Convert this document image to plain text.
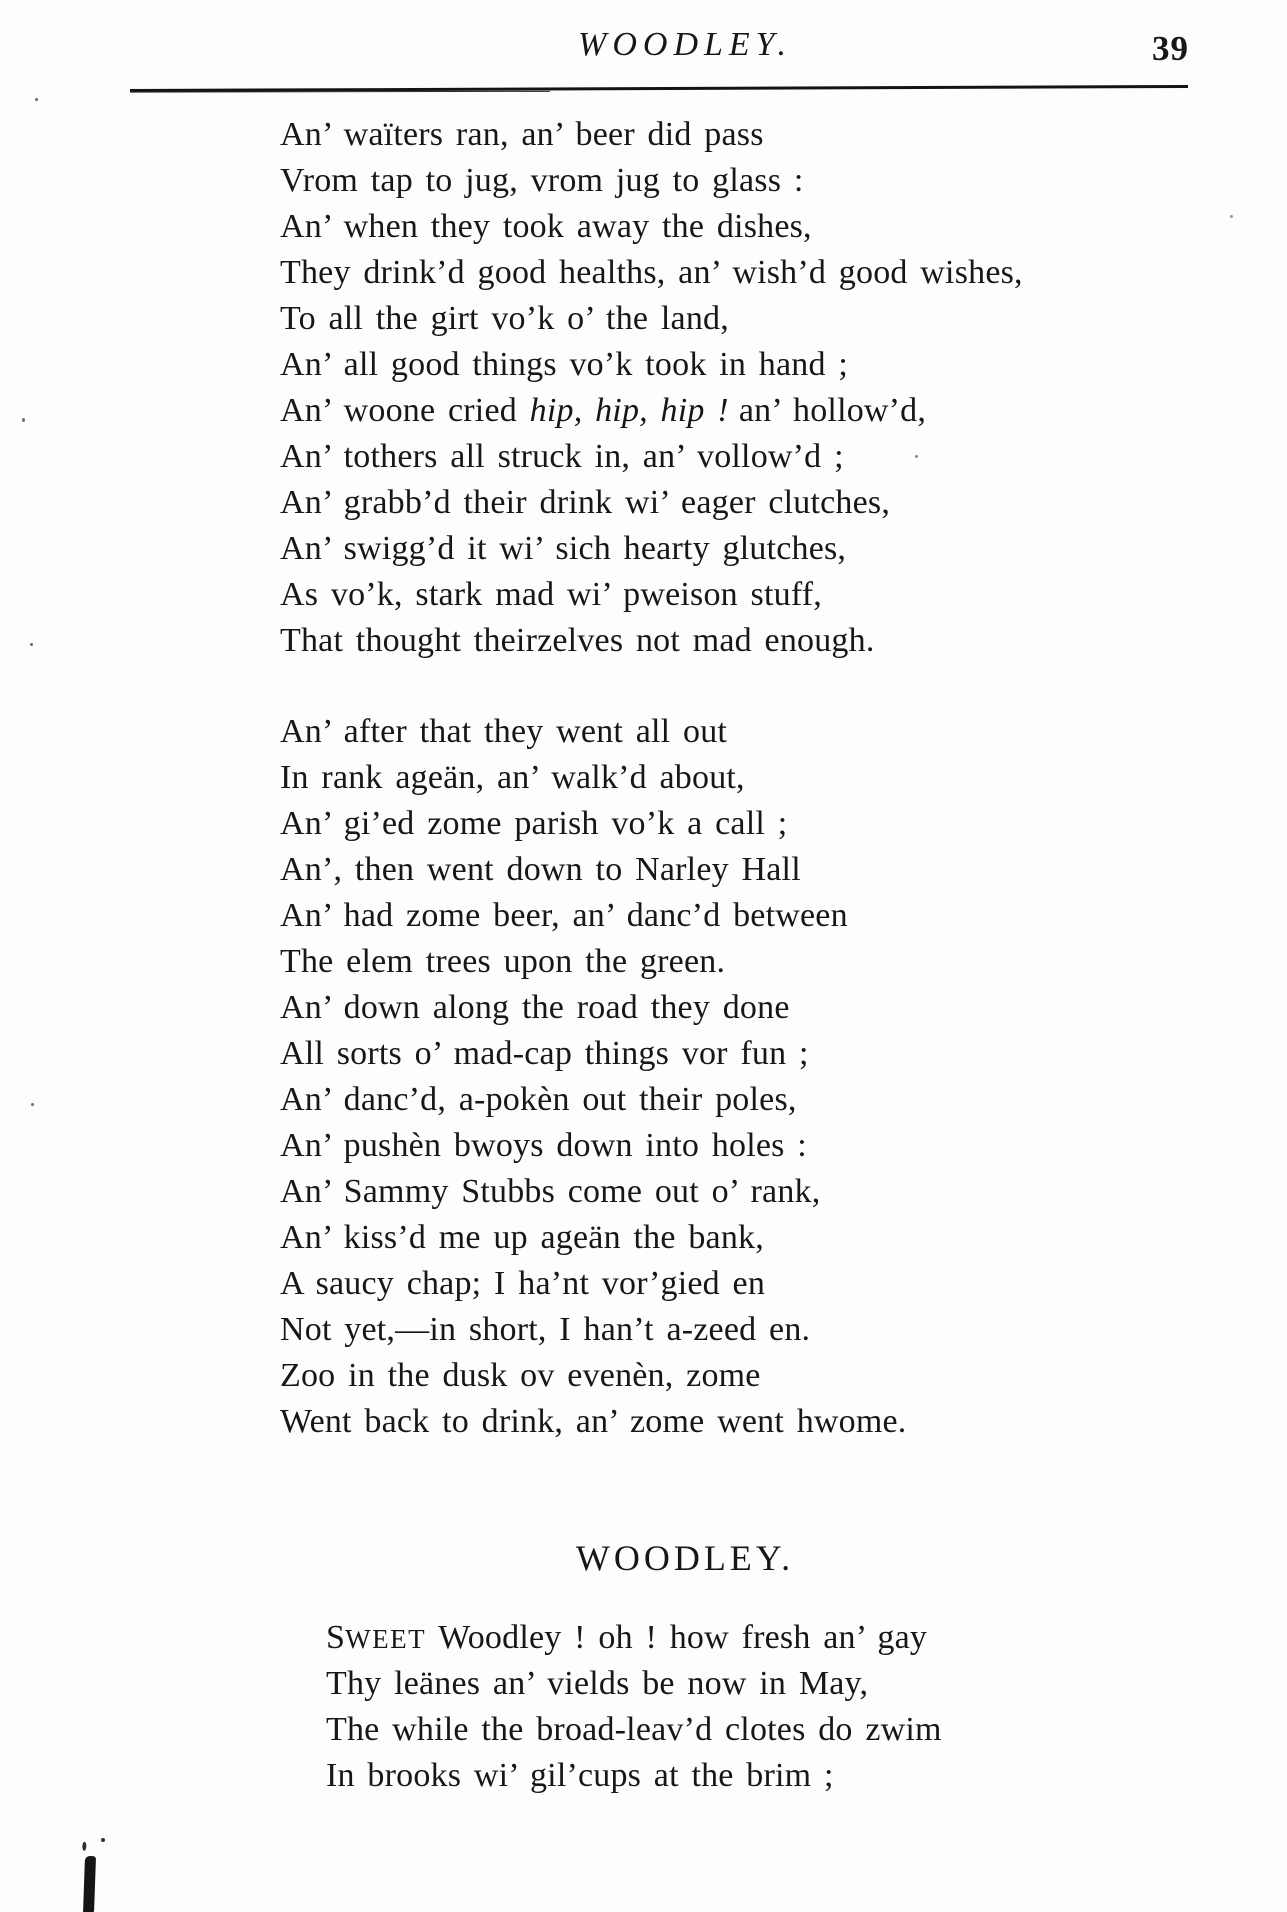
WOODLEY.	39
An’ waïters ran, an’ beer did pass
Vrom tap to jug, vrom jug to glass :
An’ when they took away the dishes,
They drink’d good healths, an’ wish’d good wishes,
To all the girt vo’k o’ the land,
An’ all good things vo’k took in hand ;
An’ woone cried hip, hip, hip ! an’ hollow’d,
An’ tothers all struck in, an’ vollow’d ;
An’ grabb’d their drink wi’ eager clutches,
An’ swigg’d it wi’ sich hearty glutches,
As vo’k, stark mad wi’ pweison stuff,
That thought theirzelves not mad enough.
An’ after that they went all out
In rank ageän, an’ walk’d about,
An’ gi’ed zome parish vo’k a call ;
An’, then went down to Narley Hall
An’ had zome beer, an’ danc’d between
The elem trees upon the green.
An’ down along the road they done
All sorts o’ mad-cap things vor fun ;
An’ danc’d, a-pokèn out their poles,
An’ pushèn bwoys down into holes :
An’ Sammy Stubbs come out o’ rank,
An’ kiss’d me up ageän the bank,
A saucy chap; I ha’nt vor’gied en
Not yet,—in short, I han’t a-zeed en.
Zoo in the dusk ov evenèn, zome
Went back to drink, an’ zome went hwome.
WOODLEY.
SWEET Woodley ! oh ! how fresh an’ gay
Thy leänes an’ vields be now in May,
The while the broad-leav’d clotes do zwim
In brooks wi’ gil’cups at the brim ;
